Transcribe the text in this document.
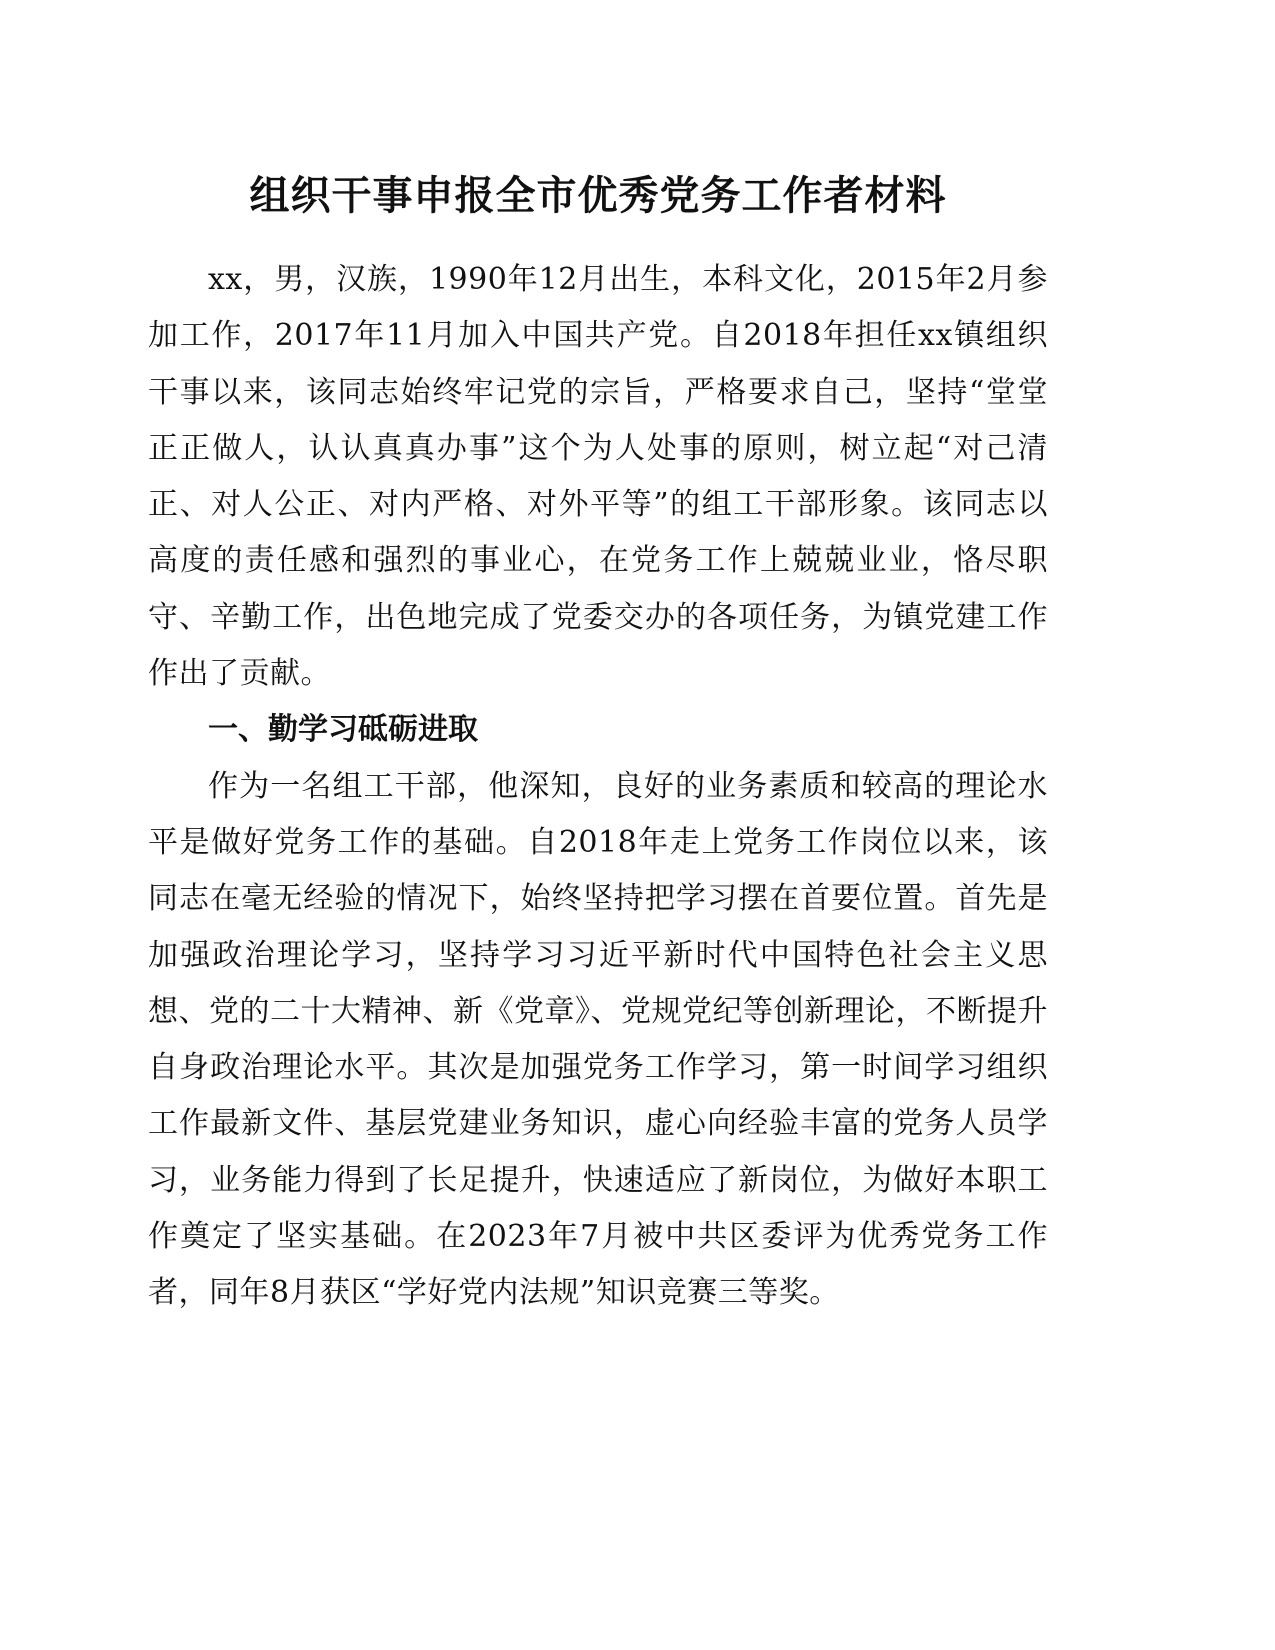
组织干事申报全市优秀党务工作者材料

xx，男，汉族，1990年12月出生，本科文化，2015年2月参加工作，2017年11月加入中国共产党。自2018年担任xx镇组织干事以来，该同志始终牢记党的宗旨，严格要求自己，坚持“堂堂正正做人，认认真真办事”这个为人处事的原则，树立起“对己清正、对人公正、对内严格、对外平等”的组工干部形象。该同志以高度的责任感和强烈的事业心，在党务工作上兢兢业业，恪尽职守、辛勤工作，出色地完成了党委交办的各项任务，为镇党建工作作出了贡献。

一、勤学习砥砺进取

作为一名组工干部，他深知，良好的业务素质和较高的理论水平是做好党务工作的基础。自2018年走上党务工作岗位以来，该同志在毫无经验的情况下，始终坚持把学习摆在首要位置。首先是加强政治理论学习，坚持学习习近平新时代中国特色社会主义思想、党的二十大精神、新《党章》、党规党纪等创新理论，不断提升自身政治理论水平。其次是加强党务工作学习，第一时间学习组织工作最新文件、基层党建业务知识，虚心向经验丰富的党务人员学习，业务能力得到了长足提升，快速适应了新岗位，为做好本职工作奠定了坚实基础。在2023年7月被中共区委评为优秀党务工作者，同年8月获区“学好党内法规”知识竞赛三等奖。
